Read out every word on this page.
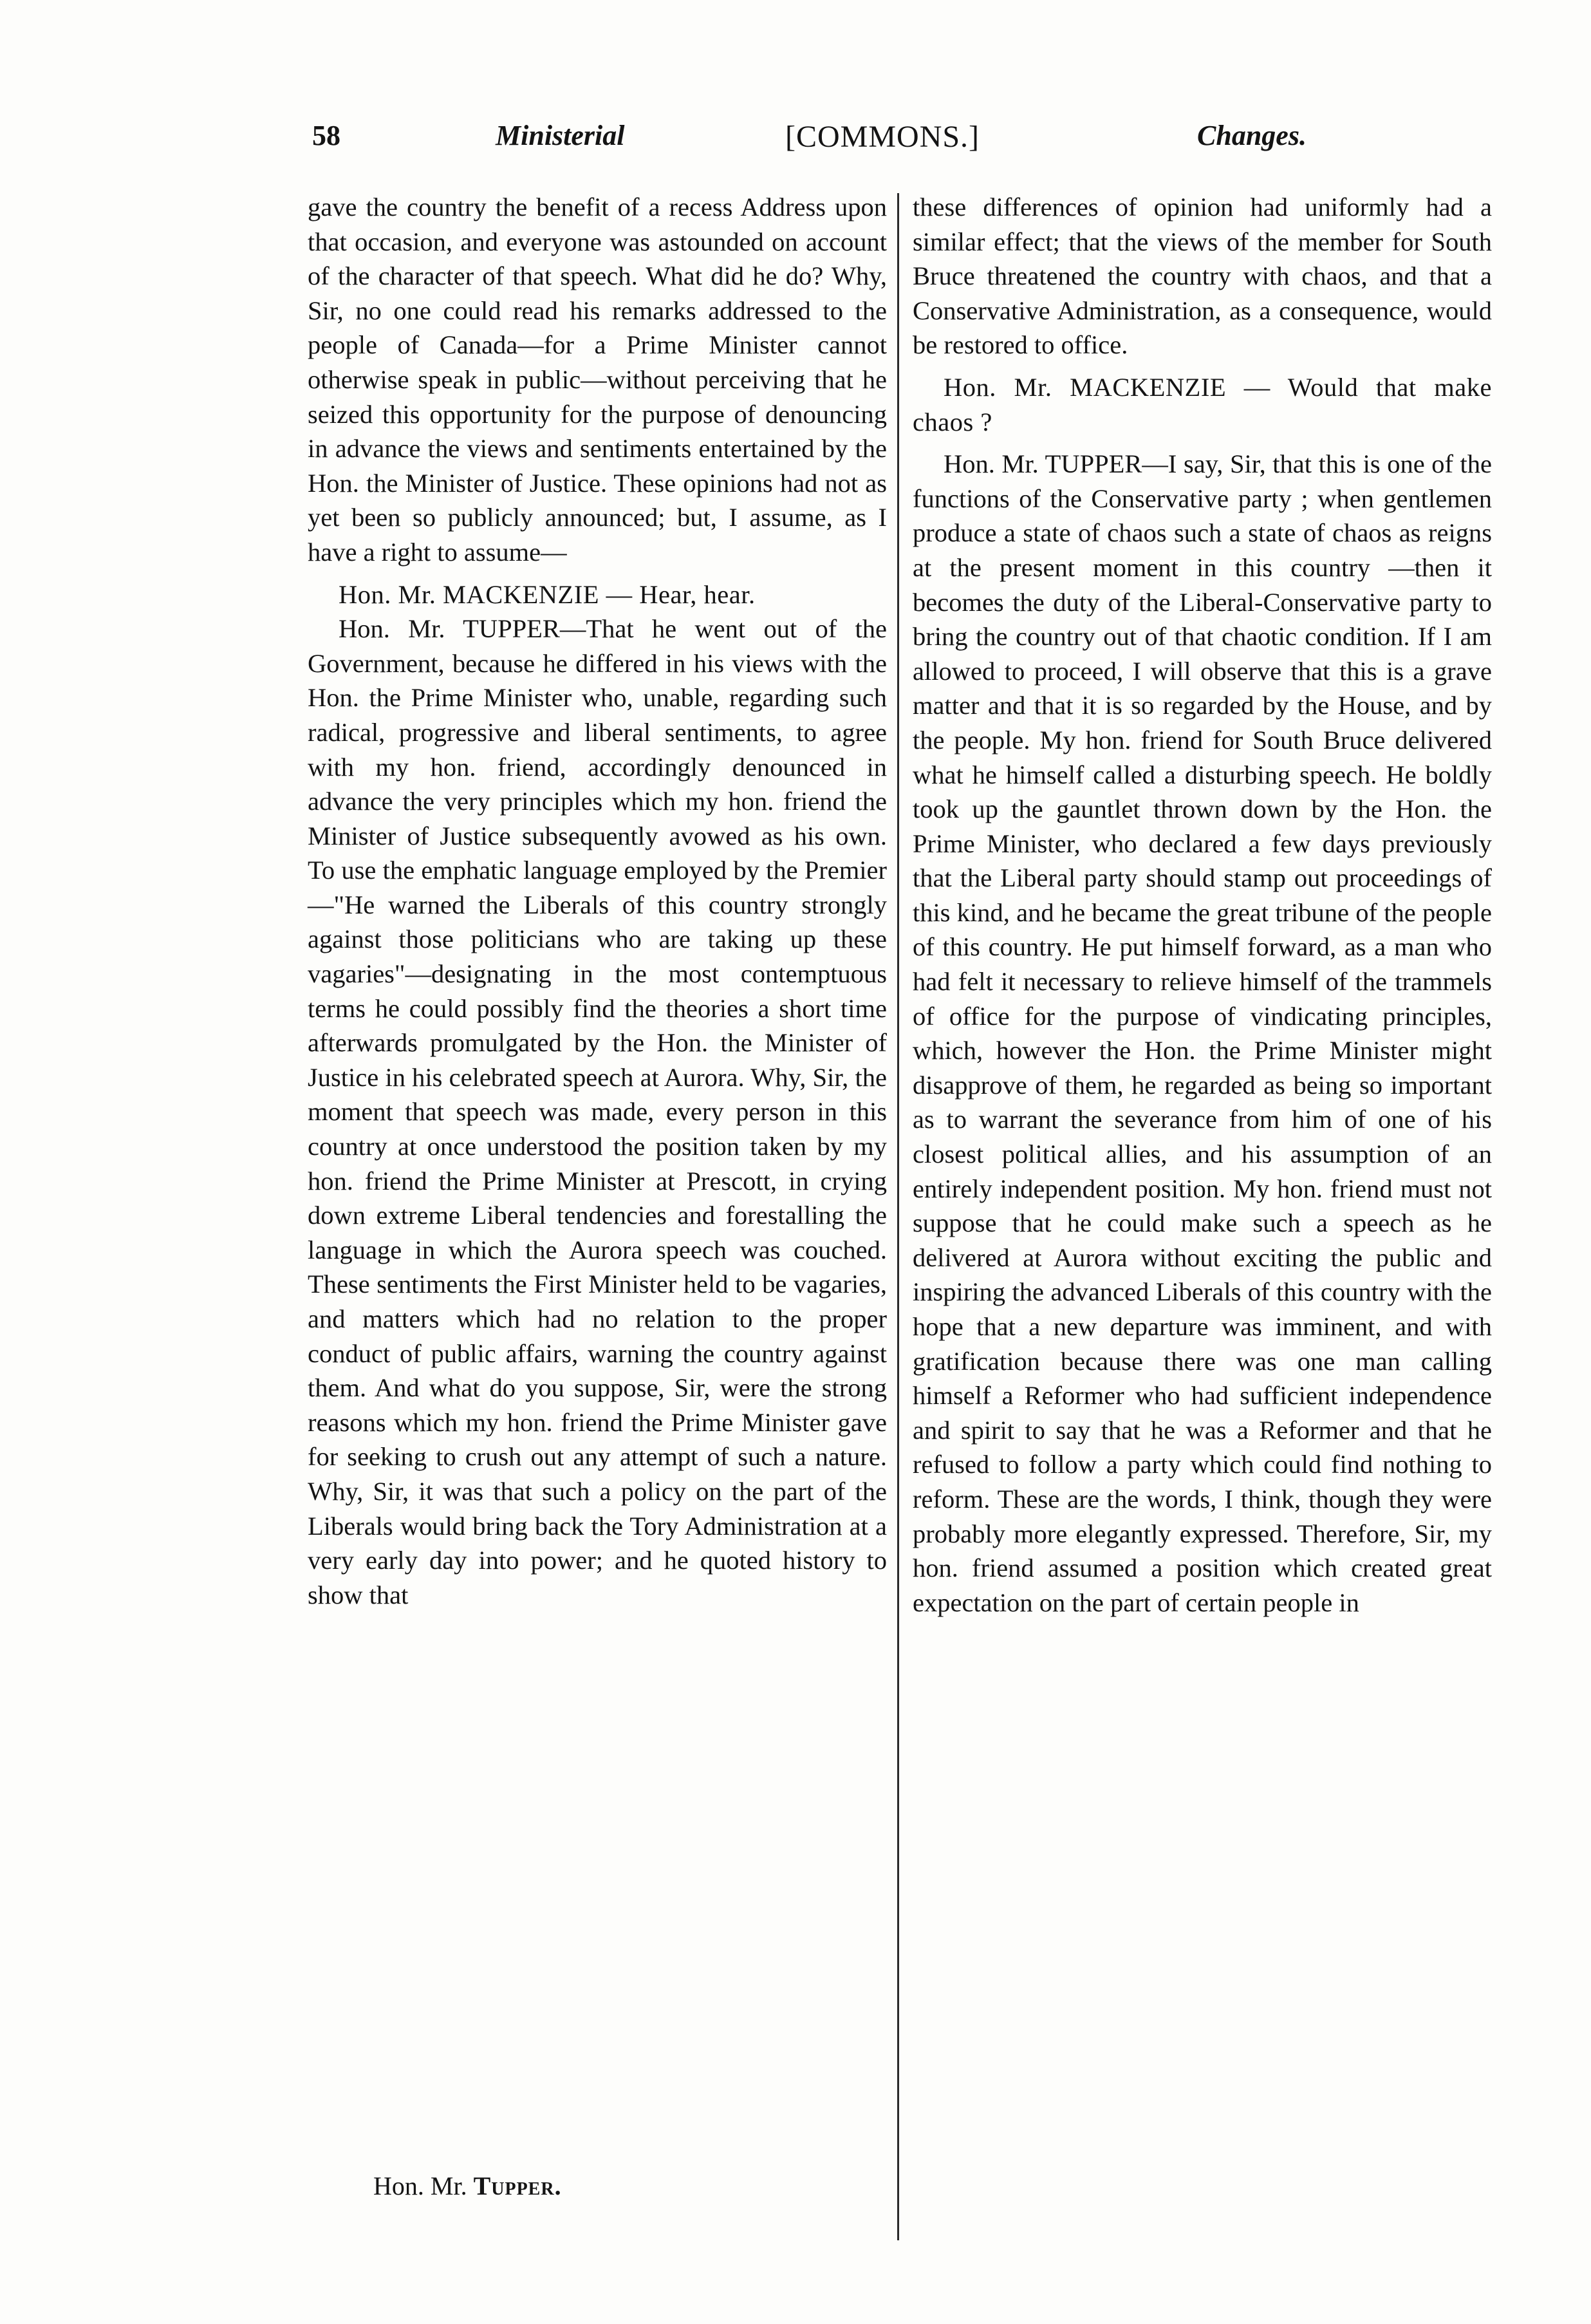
58	Ministerial	[COMMONS.]	Changes.

gave the country the benefit of a recess Address upon that occasion, and everyone was astounded on account of the character of that speech. What did he do? Why, Sir, no one could read his remarks addressed to the people of Canada—for a Prime Minister cannot otherwise speak in public—without perceiving that he seized this opportunity for the purpose of denouncing in advance the views and sentiments entertained by the Hon. the Minister of Justice. These opinions had not as yet been so publicly announced; but, I assume, as I have a right to assume—

Hon. Mr. MACKENZIE — Hear, hear.

Hon. Mr. TUPPER—That he went out of the Government, because he differed in his views with the Hon. the Prime Minister who, unable, regarding such radical, progressive and liberal sentiments, to agree with my hon. friend, accordingly denounced in advance the very principles which my hon. friend the Minister of Justice subsequently avowed as his own. To use the emphatic language employed by the Premier—"He warned the Liberals of this country strongly against those politicians who are taking up these vagaries"—designating in the most contemptuous terms he could possibly find the theories a short time afterwards promulgated by the Hon. the Minister of Justice in his celebrated speech at Aurora. Why, Sir, the moment that speech was made, every person in this country at once understood the position taken by my hon. friend the Prime Minister at Prescott, in crying down extreme Liberal tendencies and forestalling the language in which the Aurora speech was couched. These sentiments the First Minister held to be vagaries, and matters which had no relation to the proper conduct of public affairs, warning the country against them. And what do you suppose, Sir, were the strong reasons which my hon. friend the Prime Minister gave for seeking to crush out any attempt of such a nature. Why, Sir, it was that such a policy on the part of the Liberals would bring back the Tory Administration at a very early day into power; and he quoted history to show that

these differences of opinion had uniformly had a similar effect; that the views of the member for South Bruce threatened the country with chaos, and that a Conservative Administration, as a consequence, would be restored to office.

Hon. Mr. MACKENZIE — Would that make chaos ?

Hon. Mr. TUPPER—I say, Sir, that this is one of the functions of the Conservative party ; when gentlemen produce a state of chaos such a state of chaos as reigns at the present moment in this country —then it becomes the duty of the Liberal-Conservative party to bring the country out of that chaotic condition. If I am allowed to proceed, I will observe that this is a grave matter and that it is so regarded by the House, and by the people. My hon. friend for South Bruce delivered what he himself called a disturbing speech. He boldly took up the gauntlet thrown down by the Hon. the Prime Minister, who declared a few days previously that the Liberal party should stamp out proceedings of this kind, and he became the great tribune of the people of this country. He put himself forward, as a man who had felt it necessary to relieve himself of the trammels of office for the purpose of vindicating principles, which, however the Hon. the Prime Minister might disapprove of them, he regarded as being so important as to warrant the severance from him of one of his closest political allies, and his assumption of an entirely independent position. My hon. friend must not suppose that he could make such a speech as he delivered at Aurora without exciting the public and inspiring the advanced Liberals of this country with the hope that a new departure was imminent, and with gratification because there was one man calling himself a Reformer who had sufficient independence and spirit to say that he was a Reformer and that he refused to follow a party which could find nothing to reform. These are the words, I think, though they were probably more elegantly expressed. Therefore, Sir, my hon. friend assumed a position which created great expectation on the part of certain people in

Hon. Mr. Tupper.
